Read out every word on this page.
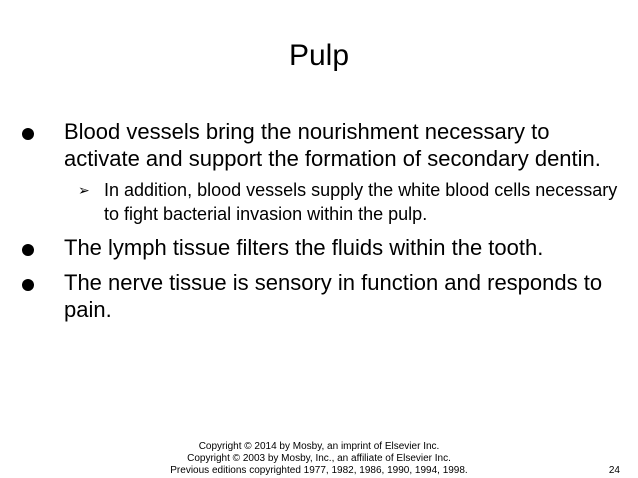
Pulp
Blood vessels bring the nourishment necessary to activate and support the formation of secondary dentin.
➢ In addition, blood vessels supply the white blood cells necessary to fight bacterial invasion within the pulp.
The lymph tissue filters the fluids within the tooth.
The nerve tissue is sensory in function and responds to pain.
Copyright © 2014 by Mosby, an imprint of Elsevier Inc.
Copyright © 2003 by Mosby, Inc., an affiliate of Elsevier Inc.
Previous editions copyrighted 1977, 1982, 1986, 1990, 1994, 1998.	24
